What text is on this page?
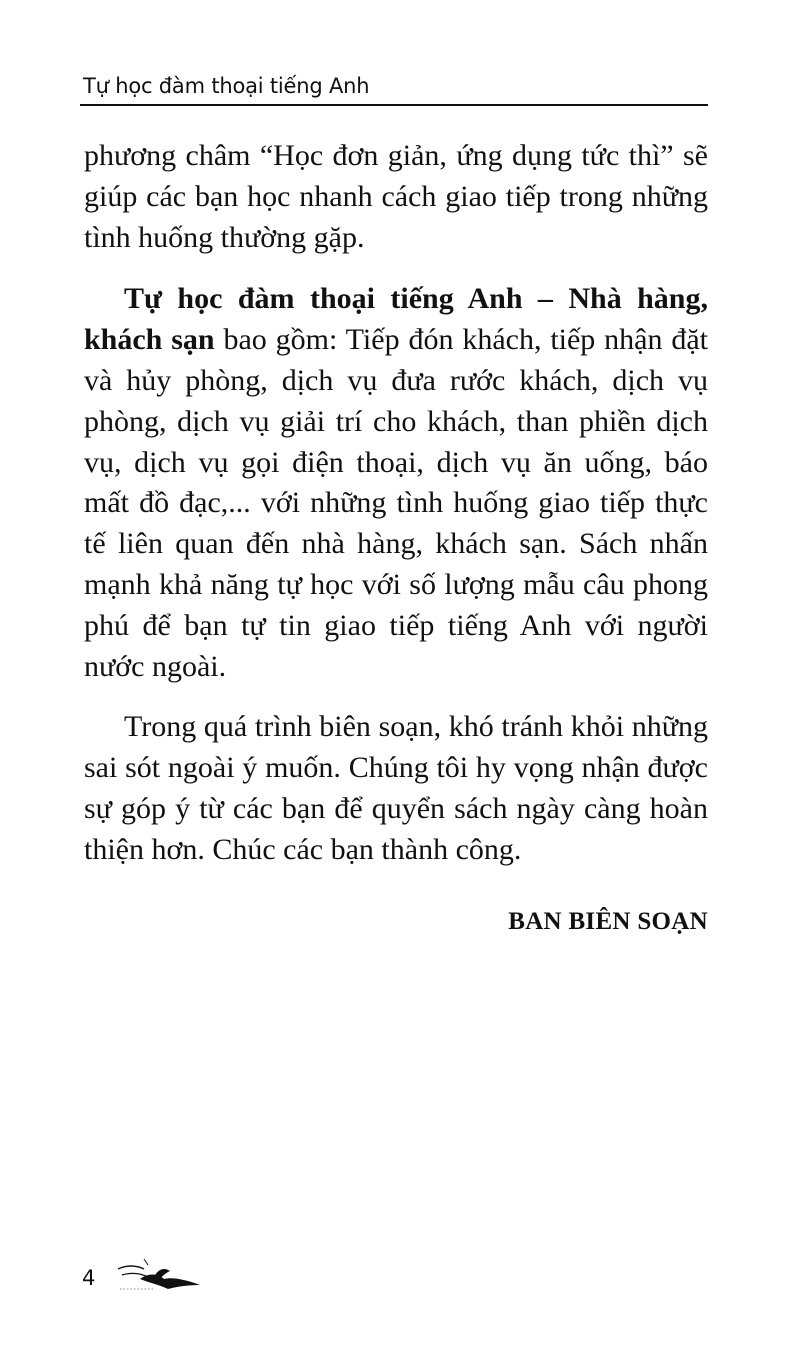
Tự học đàm thoại tiếng Anh

phương châm “Học đơn giản, ứng dụng tức thì” sẽ giúp các bạn học nhanh cách giao tiếp trong những tình huống thường gặp.

Tự học đàm thoại tiếng Anh – Nhà hàng, khách sạn bao gồm: Tiếp đón khách, tiếp nhận đặt và hủy phòng, dịch vụ đưa rước khách, dịch vụ phòng, dịch vụ giải trí cho khách, than phiền dịch vụ, dịch vụ gọi điện thoại, dịch vụ ăn uống, báo mất đồ đạc,... với những tình huống giao tiếp thực tế liên quan đến nhà hàng, khách sạn. Sách nhấn mạnh khả năng tự học với số lượng mẫu câu phong phú để bạn tự tin giao tiếp tiếng Anh với người nước ngoài.

Trong quá trình biên soạn, khó tránh khỏi những sai sót ngoài ý muốn. Chúng tôi hy vọng nhận được sự góp ý từ các bạn để quyển sách ngày càng hoàn thiện hơn. Chúc các bạn thành công.

BAN BIÊN SOẠN
4
